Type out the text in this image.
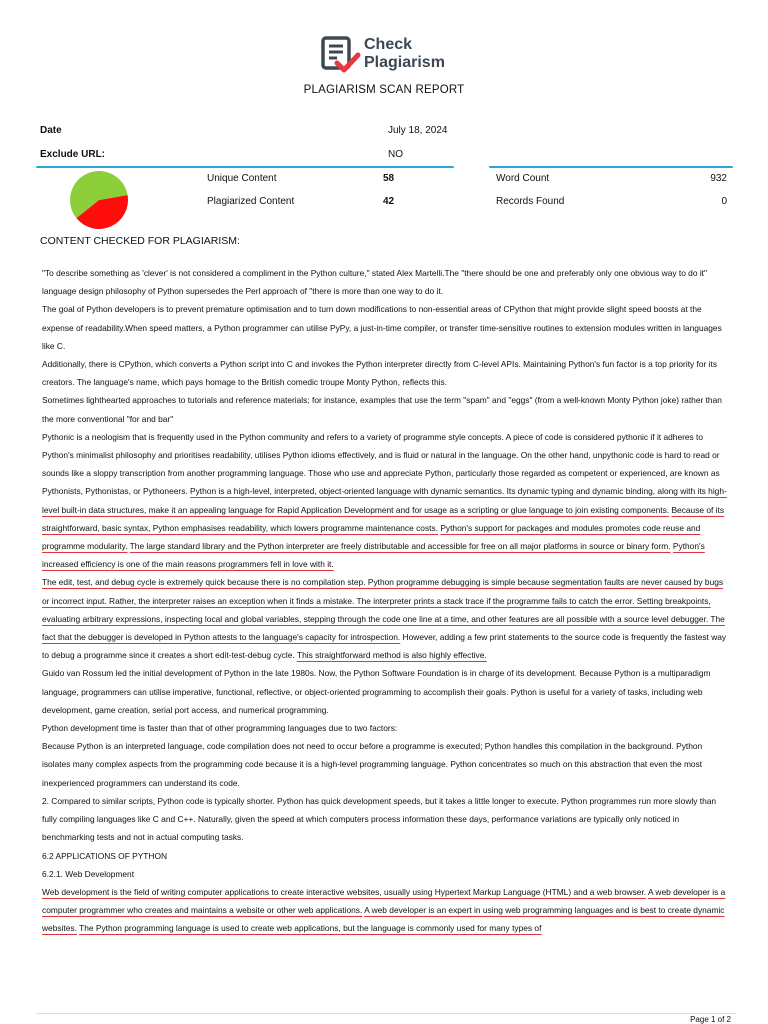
Check
Plagiarism
PLAGIARISM SCAN REPORT
Date	July 18, 2024
Exclude URL:	NO
Unique Content	58
Plagiarized Content	42
Word Count	932
Records Found	0
CONTENT CHECKED FOR PLAGIARISM:

"To describe something as 'clever' is not considered a compliment in the Python culture," stated Alex Martelli.The "there should be one and preferably only one obvious way to do it" language design philosophy of Python supersedes the Perl approach of "there is more than one way to do it.

The goal of Python developers is to prevent premature optimisation and to turn down modifications to non-essential areas of CPython that might provide slight speed boosts at the expense of readability.When speed matters, a Python programmer can utilise PyPy, a just-in-time compiler, or transfer time-sensitive routines to extension modules written in languages like C.

Additionally, there is CPython, which converts a Python script into C and invokes the Python interpreter directly from C-level APIs. Maintaining Python's fun factor is a top priority for its creators. The language's name, which pays homage to the British comedic troupe Monty Python, reflects this.

Sometimes lighthearted approaches to tutorials and reference materials; for instance, examples that use the term "spam" and "eggs" (from a well-known Monty Python joke) rather than the more conventional "for and bar"

Pythonic is a neologism that is frequently used in the Python community and refers to a variety of programme style concepts. A piece of code is considered pythonic if it adheres to Python's minimalist philosophy and prioritises readability, utilises Python idioms effectively, and is fluid or natural in the language. On the other hand, unpythonic code is hard to read or sounds like a sloppy transcription from another programming language. Those who use and appreciate Python, particularly those regarded as competent or experienced, are known as Pythonists, Pythonistas, or Pythoneers. Python is a high-level, interpreted, object-oriented language with dynamic semantics. Its dynamic typing and dynamic binding, along with its high-level built-in data structures, make it an appealing language for Rapid Application Development and for usage as a scripting or glue language to join existing components. Because of its straightforward, basic syntax, Python emphasises readability, which lowers programme maintenance costs. Python's support for packages and modules promotes code reuse and programme modularity. The large standard library and the Python interpreter are freely distributable and accessible for free on all major platforms in source or binary form. Python's increased efficiency is one of the main reasons programmers fell in love with it.

The edit, test, and debug cycle is extremely quick because there is no compilation step. Python programme debugging is simple because segmentation faults are never caused by bugs or incorrect input. Rather, the interpreter raises an exception when it finds a mistake. The interpreter prints a stack trace if the programme fails to catch the error. Setting breakpoints, evaluating arbitrary expressions, inspecting local and global variables, stepping through the code one line at a time, and other features are all possible with a source level debugger. The fact that the debugger is developed in Python attests to the language's capacity for introspection. However, adding a few print statements to the source code is frequently the fastest way to debug a programme since it creates a short edit-test-debug cycle. This straightforward method is also highly effective.

Guido van Rossum led the initial development of Python in the late 1980s. Now, the Python Software Foundation is in charge of its development. Because Python is a multiparadigm language, programmers can utilise imperative, functional, reflective, or object-oriented programming to accomplish their goals. Python is useful for a variety of tasks, including web development, game creation, serial port access, and numerical programming.

Python development time is faster than that of other programming languages due to two factors:

Because Python is an interpreted language, code compilation does not need to occur before a programme is executed; Python handles this compilation in the background. Python isolates many complex aspects from the programming code because it is a high-level programming language. Python concentrates so much on this abstraction that even the most inexperienced programmers can understand its code.

2. Compared to similar scripts, Python code is typically shorter. Python has quick development speeds, but it takes a little longer to execute. Python programmes run more slowly than fully compiling languages like C and C++. Naturally, given the speed at which computers process information these days, performance variations are typically only noticed in benchmarking tests and not in actual computing tasks.

6.2 APPLICATIONS OF PYTHON

6.2.1. Web Development

Web development is the field of writing computer applications to create interactive websites, usually using Hypertext Markup Language (HTML) and a web browser. A web developer is a computer programmer who creates and maintains a website or other web applications. A web developer is an expert in using web programming languages and is best to create dynamic websites. The Python programming language is used to create web applications, but the language is commonly used for many types of

Page 1 of 2
